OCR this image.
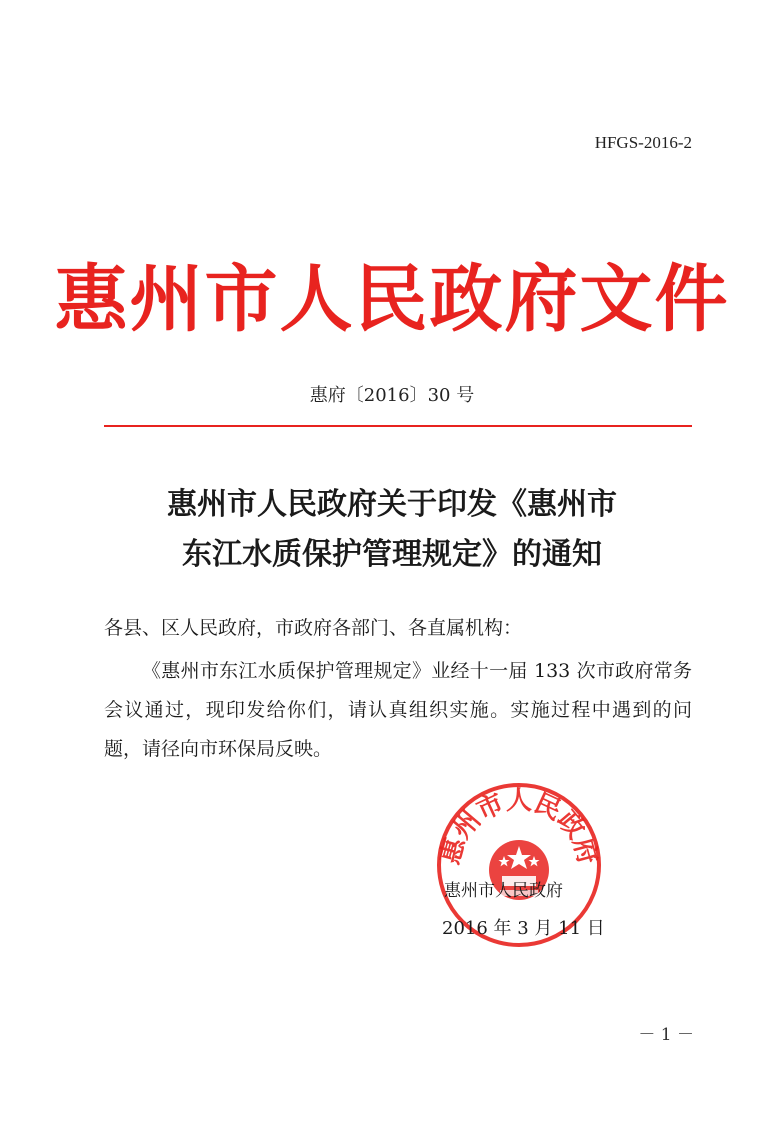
HFGS-2016-2
惠州市人民政府文件
惠府〔2016〕30 号
惠州市人民政府关于印发《惠州市
东江水质保护管理规定》的通知
各县、区人民政府，市政府各部门、各直属机构：
《惠州市东江水质保护管理规定》业经十一届 133 次市政府常务会议通过，现印发给你们，请认真组织实施。实施过程中遇到的问题，请径向市环保局反映。
惠州市人民政府
惠州市人民政府
2016 年 3 月 11 日
－ 1 －
